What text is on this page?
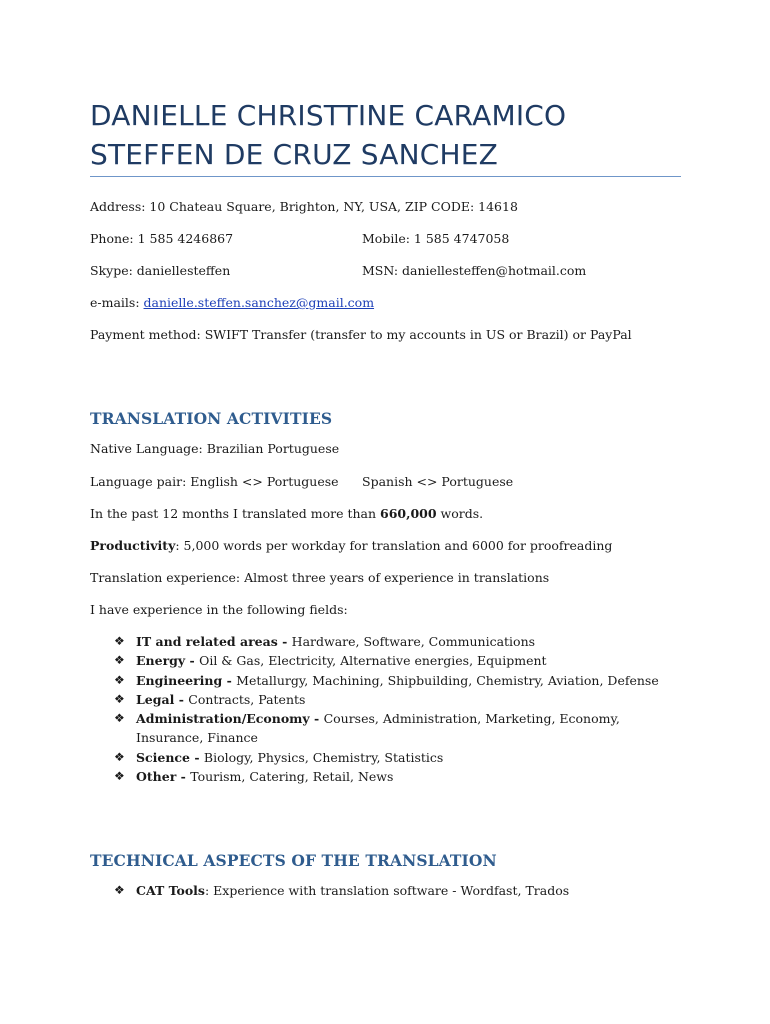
DANIELLE CHRISTTINE CARAMICO
STEFFEN DE CRUZ SANCHEZ
Address: 10 Chateau Square, Brighton, NY, USA, ZIP CODE: 14618
Phone: 1 585 4246867	Mobile: 1 585 4747058
Skype: daniellesteffen	MSN: daniellesteffen@hotmail.com
e-mails: danielle.steffen.sanchez@gmail.com
Payment method: SWIFT Transfer (transfer to my accounts in US or Brazil) or PayPal
TRANSLATION ACTIVITIES
Native Language: Brazilian Portuguese
Language pair: English <> Portuguese Spanish <> Portuguese
In the past 12 months I translated more than 660,000 words.
Productivity: 5,000 words per workday for translation and 6000 for proofreading
Translation experience: Almost three years of experience in translations
I have experience in the following fields:
❖ IT and related areas - Hardware, Software, Communications
❖ Energy - Oil & Gas, Electricity, Alternative energies, Equipment
❖ Engineering - Metallurgy, Machining, Shipbuilding, Chemistry, Aviation, Defense
❖ Legal - Contracts, Patents
❖ Administration/Economy - Courses, Administration, Marketing, Economy, Insurance, Finance
❖ Science - Biology, Physics, Chemistry, Statistics
❖ Other - Tourism, Catering, Retail, News
TECHNICAL ASPECTS OF THE TRANSLATION
❖ CAT Tools: Experience with translation software - Wordfast, Trados
